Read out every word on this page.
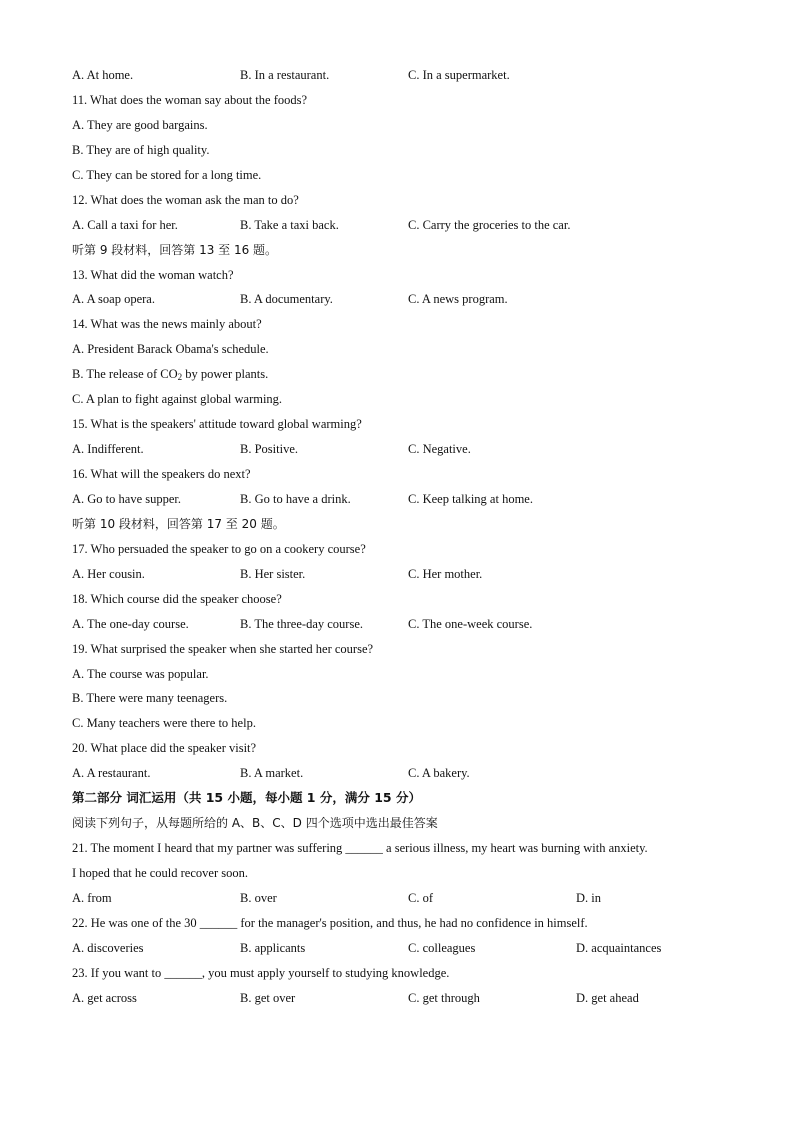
A. At home.	B. In a restaurant.	C. In a supermarket.
11. What does the woman say about the foods?
A. They are good bargains.
B. They are of high quality.
C. They can be stored for a long time.
12. What does the woman ask the man to do?
A. Call a taxi for her.	B. Take a taxi back.	C. Carry the groceries to the car.
听第 9 段材料，回答第 13 至 16 题。
13. What did the woman watch?
A. A soap opera.	B. A documentary.	C. A news program.
14. What was the news mainly about?
A. President Barack Obama's schedule.
B. The release of $CO_2$ by power plants.
C. A plan to fight against global warming.
15. What is the speakers' attitude toward global warming?
A. Indifferent.	B. Positive.	C. Negative.
16. What will the speakers do next?
A. Go to have supper.	B. Go to have a drink.	C. Keep talking at home.
听第 10 段材料，回答第 17 至 20 题。
17. Who persuaded the speaker to go on a cookery course?
A. Her cousin.	B. Her sister.	C. Her mother.
18. Which course did the speaker choose?
A. The one-day course.	B. The three-day course.	C. The one-week course.
19. What surprised the speaker when she started her course?
A. The course was popular.
B. There were many teenagers.
C. Many teachers were there to help.
20. What place did the speaker visit?
A. A restaurant.	B. A market.	C. A bakery.
第二部分 词汇运用（共 15 小题，每小题 1 分，满分 15 分）
阅读下列句子，从每题所给的 A、B、C、D 四个选项中选出最佳答案
21. The moment I heard that my partner was suffering ______ a serious illness, my heart was burning with anxiety.
I hoped that he could recover soon.
A. from	B. over	C. of	D. in
22. He was one of the 30 ______ for the manager's position, and thus, he had no confidence in himself.
A. discoveries	B. applicants	C. colleagues	D. acquaintances
23. If you want to ______, you must apply yourself to studying knowledge.
A. get across	B. get over	C. get through	D. get ahead
